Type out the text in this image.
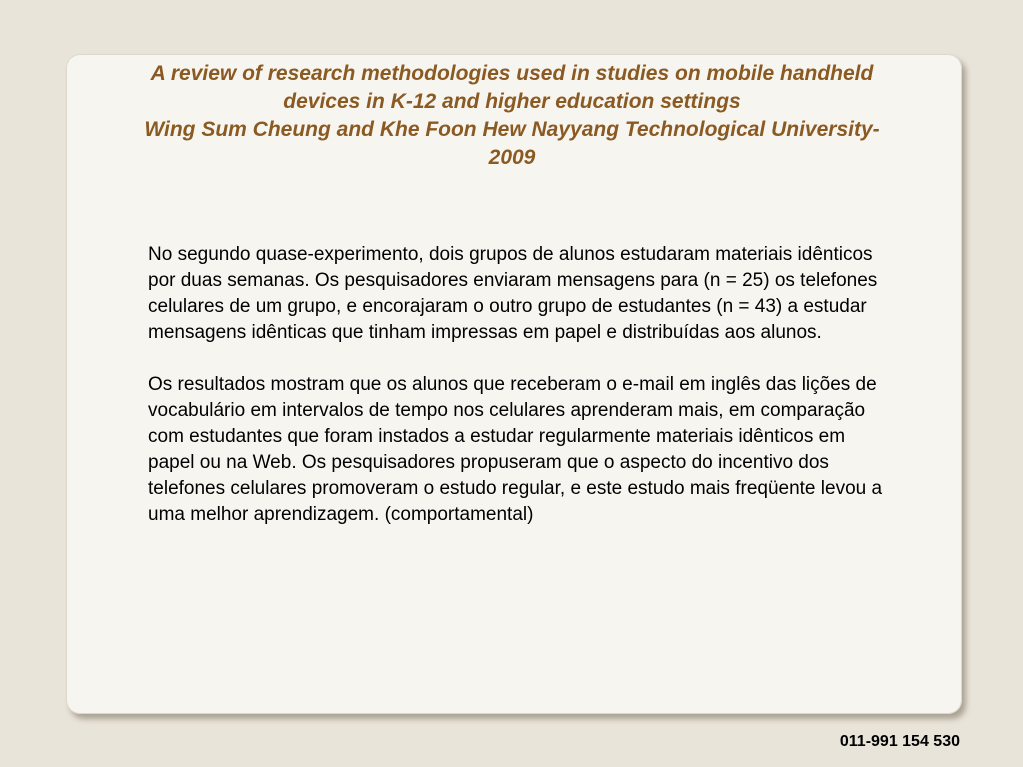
A review of research methodologies used in studies on mobile handheld
devices in K-12 and higher education settings
Wing Sum Cheung and Khe Foon Hew Nayyang Technological University-
2009

No segundo quase-experimento, dois grupos de alunos estudaram materiais idênticos por duas semanas. Os pesquisadores enviaram mensagens para (n = 25) os telefones celulares de um grupo, e encorajaram o outro grupo de estudantes (n = 43) a estudar mensagens idênticas que tinham impressas em papel e distribuídas aos alunos.

Os resultados mostram que os alunos que receberam o e-mail em inglês das lições de vocabulário em intervalos de tempo nos celulares aprenderam mais, em comparação com estudantes que foram instados a estudar regularmente materiais idênticos em papel ou na Web. Os pesquisadores propuseram que o aspecto do incentivo dos telefones celulares promoveram o estudo regular, e este estudo mais freqüente levou a uma melhor aprendizagem. (comportamental)

011-991 154 530
